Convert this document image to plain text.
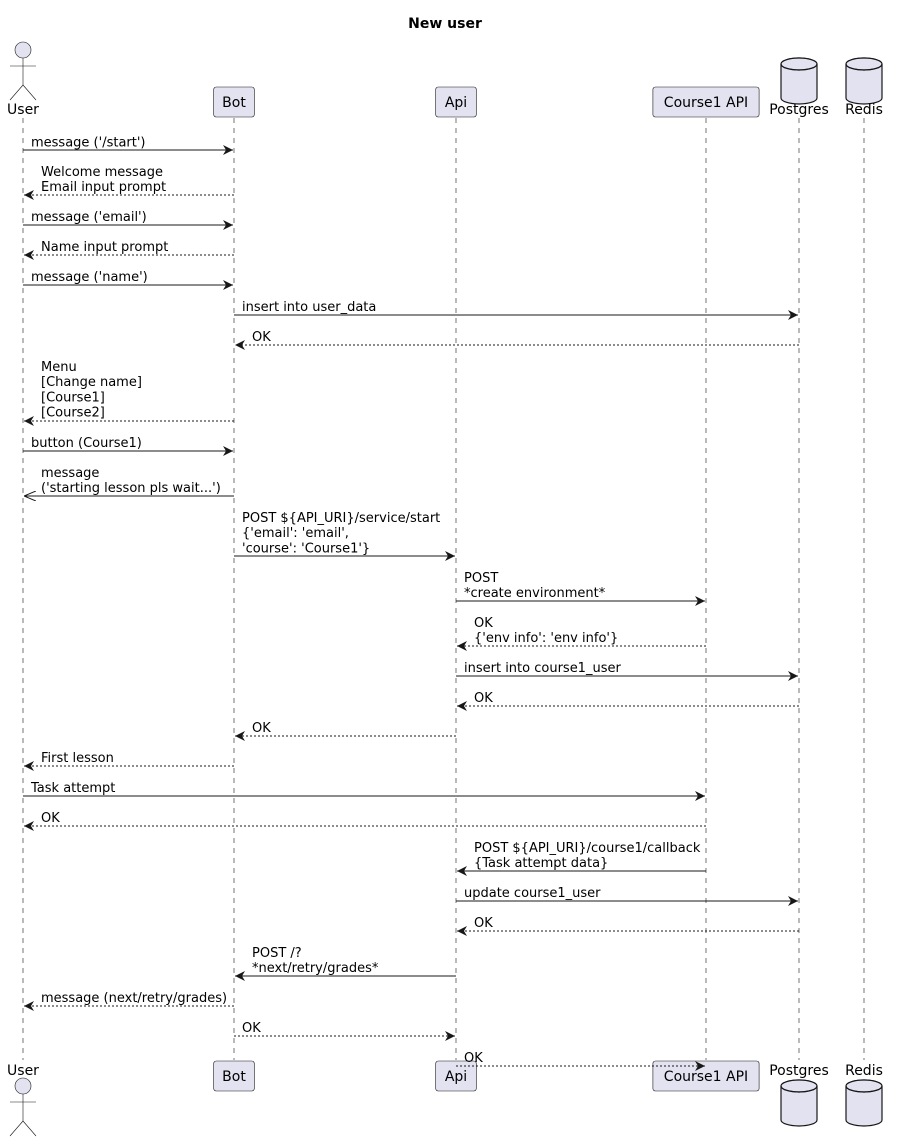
New user
User	Bot	Api	Course1 API Postgres Redis
User	Bot	Api	Course1 API Postgres Redis
message ('/start')
Welcome message
Email input prompt
message ('email')
Name input prompt
message ('name')
insert into user_data
OK
Menu
[Change name]
[Course1]
[Course2]
button (Course1)
message
('starting lesson pls wait...')
POST ${API_URI}/service/start
{'email': 'email',
'course': 'Course1'}
POST
*create environment*
OK
{'env info': 'env info'}
insert into course1_user
OK
OK
First lesson
Task attempt
OK
POST ${API_URI}/course1/callback
{Task attempt data}
update course1_user
OK
POST /?
*next/retry/grades*
message (next/retry/grades)
OK
OK
